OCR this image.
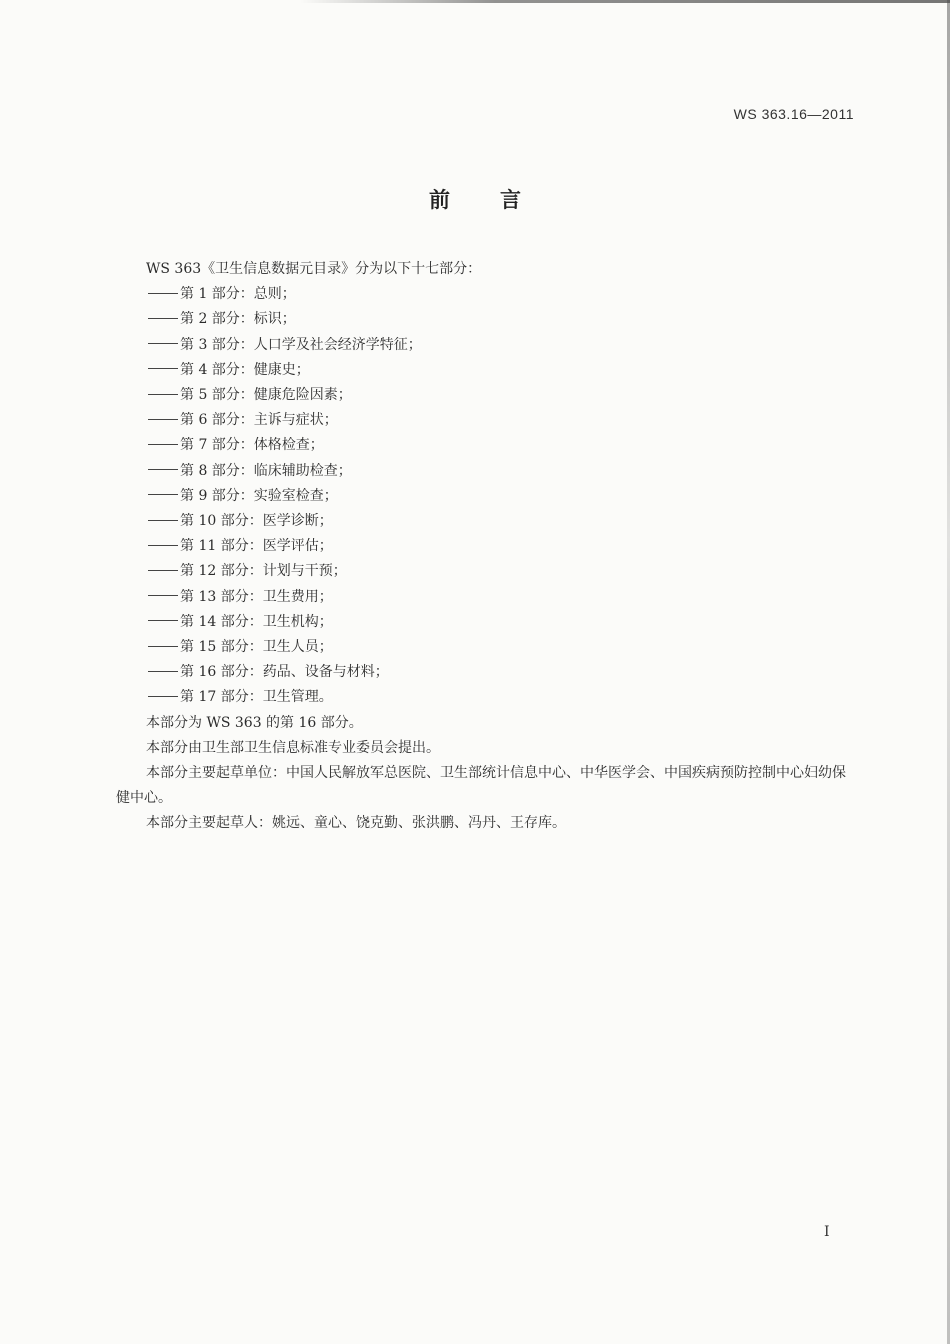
WS 363.16—2011
前 言

WS 363《卫生信息数据元目录》分为以下十七部分：

第 1 部分：总则；
第 2 部分：标识；
第 3 部分：人口学及社会经济学特征；
第 4 部分：健康史；
第 5 部分：健康危险因素；
第 6 部分：主诉与症状；
第 7 部分：体格检查；
第 8 部分：临床辅助检查；
第 9 部分：实验室检查；
第 10 部分：医学诊断；
第 11 部分：医学评估；
第 12 部分：计划与干预；
第 13 部分：卫生费用；
第 14 部分：卫生机构；
第 15 部分：卫生人员；
第 16 部分：药品、设备与材料；
第 17 部分：卫生管理。

本部分为 WS 363 的第 16 部分。

本部分由卫生部卫生信息标准专业委员会提出。

本部分主要起草单位：中国人民解放军总医院、卫生部统计信息中心、中华医学会、中国疾病预防控制中心妇幼保健中心。

本部分主要起草人：姚远、童心、饶克勤、张洪鹏、冯丹、王存库。

I
